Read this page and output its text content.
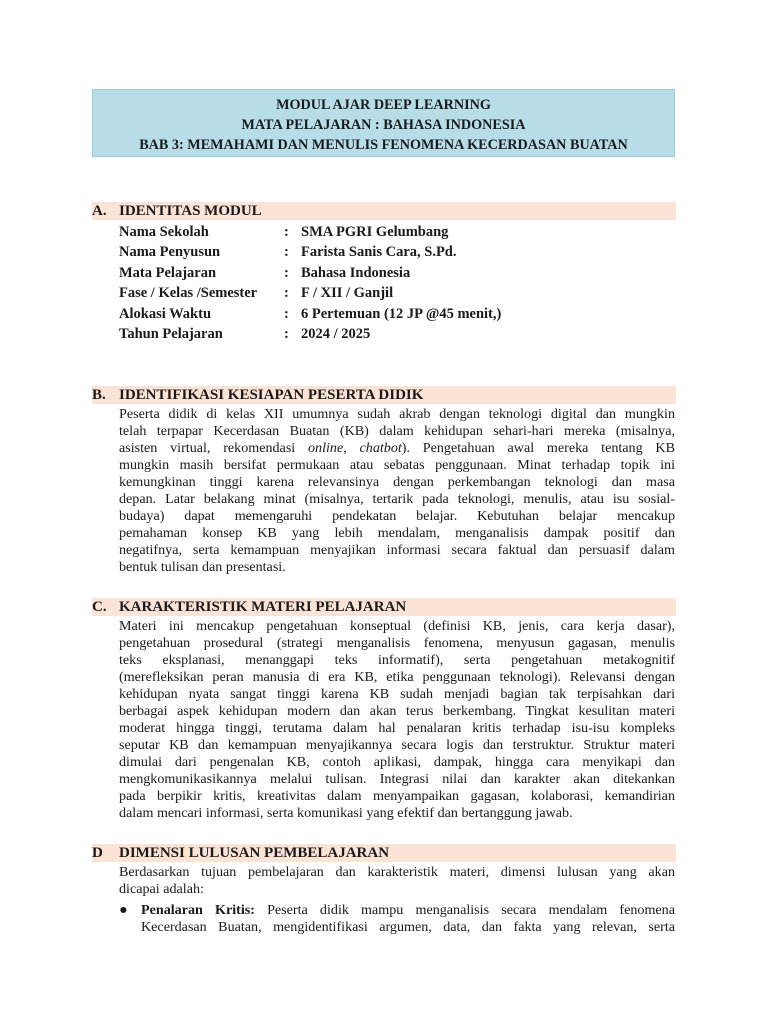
MODUL AJAR DEEP LEARNING
MATA PELAJARAN : BAHASA INDONESIA
BAB 3: MEMAHAMI DAN MENULIS FENOMENA KECERDASAN BUATAN
A. IDENTITAS MODUL
Nama Sekolah	: SMA PGRI Gelumbang
Nama Penyusun	: Farista Sanis Cara, S.Pd.
Mata Pelajaran	: Bahasa Indonesia
Fase / Kelas /Semester : F / XII / Ganjil
Alokasi Waktu	: 6 Pertemuan (12 JP @45 menit,)
Tahun Pelajaran	: 2024 / 2025
B. IDENTIFIKASI KESIAPAN PESERTA DIDIK
Peserta didik di kelas XII umumnya sudah akrab dengan teknologi digital dan mungkin
telah terpapar Kecerdasan Buatan (KB) dalam kehidupan sehari-hari mereka (misalnya,
asisten virtual, rekomendasi online, chatbot). Pengetahuan awal mereka tentang KB
mungkin masih bersifat permukaan atau sebatas penggunaan. Minat terhadap topik ini
kemungkinan tinggi karena relevansinya dengan perkembangan teknologi dan masa
depan. Latar belakang minat (misalnya, tertarik pada teknologi, menulis, atau isu sosial-
budaya) dapat memengaruhi pendekatan belajar. Kebutuhan belajar mencakup
pemahaman konsep KB yang lebih mendalam, menganalisis dampak positif dan
negatifnya, serta kemampuan menyajikan informasi secara faktual dan persuasif dalam
bentuk tulisan dan presentasi.
C. KARAKTERISTIK MATERI PELAJARAN
Materi ini mencakup pengetahuan konseptual (definisi KB, jenis, cara kerja dasar),
pengetahuan prosedural (strategi menganalisis fenomena, menyusun gagasan, menulis
teks eksplanasi, menanggapi teks informatif), serta pengetahuan metakognitif
(merefleksikan peran manusia di era KB, etika penggunaan teknologi). Relevansi dengan
kehidupan nyata sangat tinggi karena KB sudah menjadi bagian tak terpisahkan dari
berbagai aspek kehidupan modern dan akan terus berkembang. Tingkat kesulitan materi
moderat hingga tinggi, terutama dalam hal penalaran kritis terhadap isu-isu kompleks
seputar KB dan kemampuan menyajikannya secara logis dan terstruktur. Struktur materi
dimulai dari pengenalan KB, contoh aplikasi, dampak, hingga cara menyikapi dan
mengkomunikasikannya melalui tulisan. Integrasi nilai dan karakter akan ditekankan
pada berpikir kritis, kreativitas dalam menyampaikan gagasan, kolaborasi, kemandirian
dalam mencari informasi, serta komunikasi yang efektif dan bertanggung jawab.
D DIMENSI LULUSAN PEMBELAJARAN
Berdasarkan tujuan pembelajaran dan karakteristik materi, dimensi lulusan yang akan
dicapai adalah:
● Penalaran Kritis: Peserta didik mampu menganalisis secara mendalam fenomena
Kecerdasan Buatan, mengidentifikasi argumen, data, dan fakta yang relevan, serta
